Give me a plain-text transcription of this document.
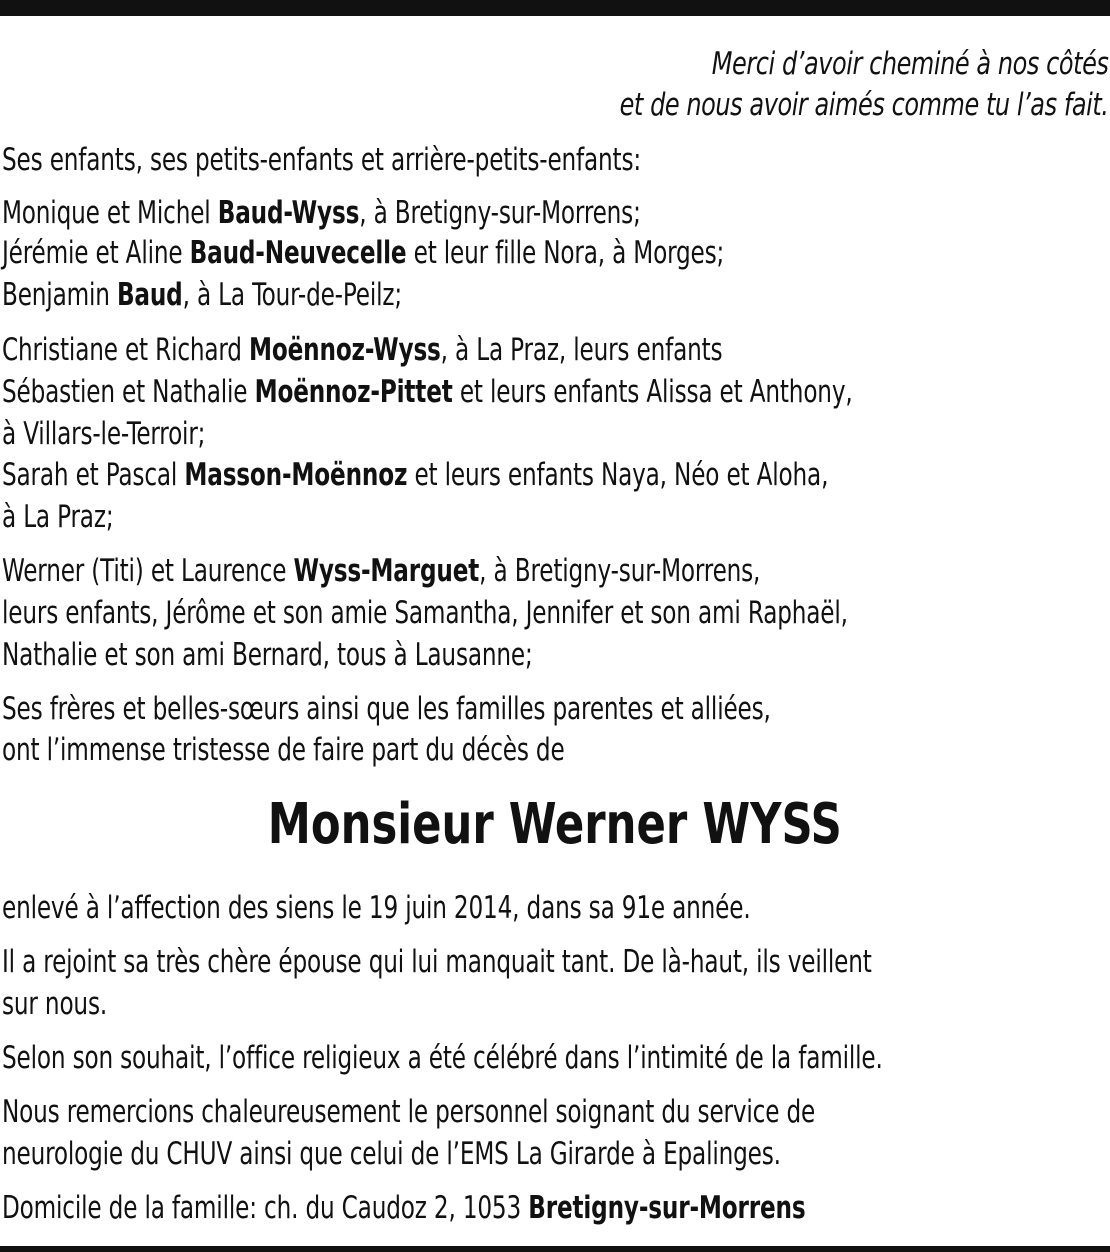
Merci d’avoir cheminé à nos côtés
et de nous avoir aimés comme tu l’as fait.
Ses enfants, ses petits-enfants et arrière-petits-enfants:
Monique et Michel Baud-Wyss, à Bretigny-sur-Morrens;
Jérémie et Aline Baud-Neuvecelle et leur fille Nora, à Morges;
Benjamin Baud, à La Tour-de-Peilz;
Christiane et Richard Moënnoz-Wyss, à La Praz, leurs enfants
Sébastien et Nathalie Moënnoz-Pittet et leurs enfants Alissa et Anthony,
à Villars-le-Terroir;
Sarah et Pascal Masson-Moënnoz et leurs enfants Naya, Néo et Aloha,
à La Praz;
Werner (Titi) et Laurence Wyss-Marguet, à Bretigny-sur-Morrens,
leurs enfants, Jérôme et son amie Samantha, Jennifer et son ami Raphaël,
Nathalie et son ami Bernard, tous à Lausanne;
Ses frères et belles-sœurs ainsi que les familles parentes et alliées,
ont l’immense tristesse de faire part du décès de
Monsieur Werner WYSS
enlevé à l’affection des siens le 19 juin 2014, dans sa 91e année.
Il a rejoint sa très chère épouse qui lui manquait tant. De là-haut, ils veillent
sur nous.
Selon son souhait, l’office religieux a été célébré dans l’intimité de la famille.
Nous remercions chaleureusement le personnel soignant du service de
neurologie du CHUV ainsi que celui de l’EMS La Girarde à Epalinges.
Domicile de la famille: ch. du Caudoz 2, 1053 Bretigny-sur-Morrens
